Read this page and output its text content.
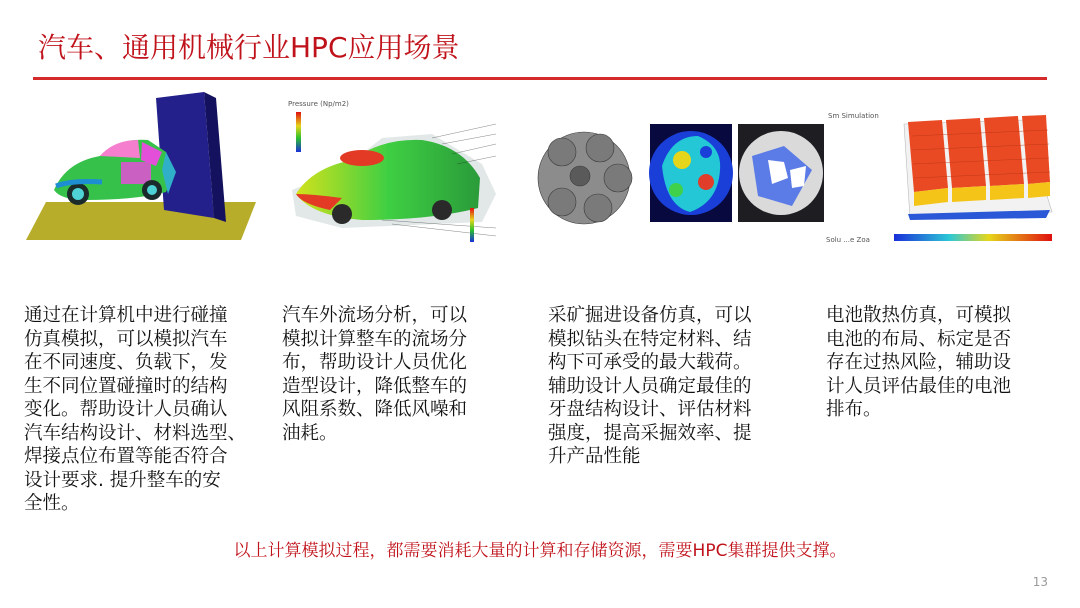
汽车、通用机械行业HPC应用场景
Pressure (Np/m2)
Sm Simulation
Solu ...e Zoa
通过在计算机中进行碰撞
仿真模拟，可以模拟汽车
在不同速度、负载下，发
生不同位置碰撞时的结构
变化。帮助设计人员确认
汽车结构设计、材料选型、
焊接点位布置等能否符合
设计要求. 提升整车的安
全性。
汽车外流场分析，可以
模拟计算整车的流场分
布，帮助设计人员优化
造型设计，降低整车的
风阻系数、降低风噪和
油耗。
采矿掘进设备仿真，可以
模拟钻头在特定材料、结
构下可承受的最大载荷。
辅助设计人员确定最佳的
牙盘结构设计、评估材料
强度，提高采掘效率、提
升产品性能
电池散热仿真，可模拟
电池的布局、标定是否
存在过热风险，辅助设
计人员评估最佳的电池
排布。
以上计算模拟过程，都需要消耗大量的计算和存储资源，需要HPC集群提供支撑。
13
